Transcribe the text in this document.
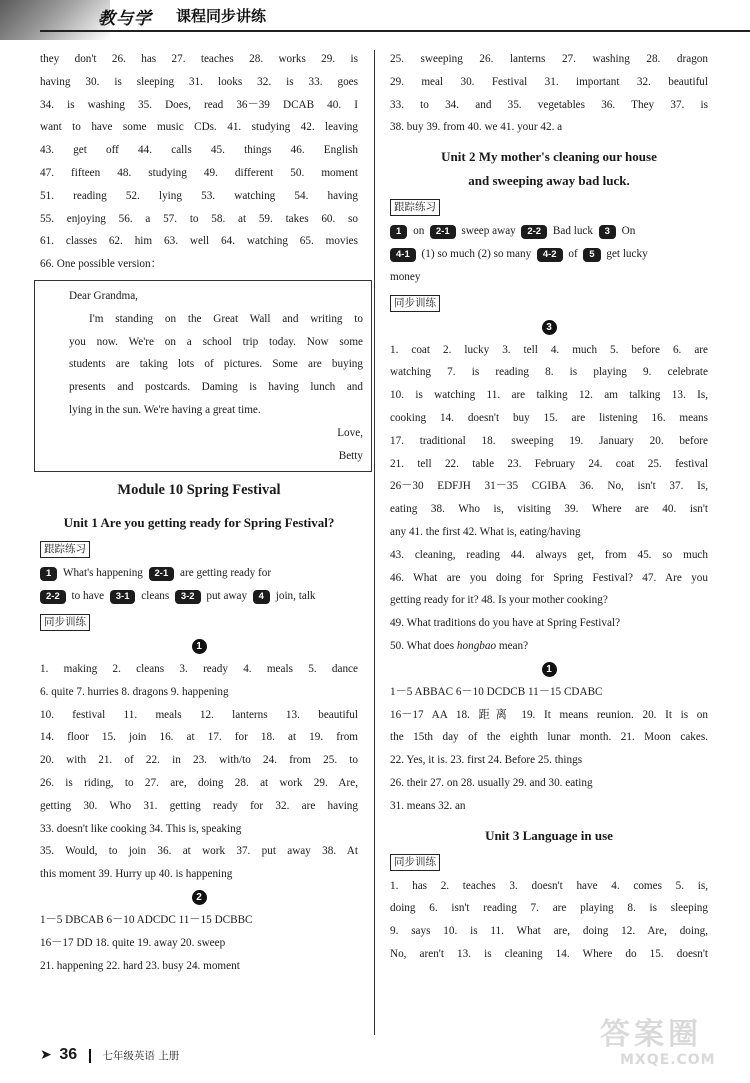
教与学 课程同步讲练
they don't 26. has 27. teaches 28. works 29. is
having 30. is sleeping 31. looks 32. is 33. goes
34. is washing 35. Does, read 36－39 DCAB 40. I
want to have some music CDs. 41. studying 42. leaving
43. get off 44. calls 45. things 46. English
47. fifteen 48. studying 49. different 50. moment
51. reading 52. lying 53. watching 54. having
55. enjoying 56. a 57. to 58. at 59. takes 60. so
61. classes 62. him 63. well 64. watching 65. movies
66. One possible version：
Dear Grandma,
I'm standing on the Great Wall and writing to
you now. We're on a school trip today. Now some
students are taking lots of pictures. Some are buying
presents and postcards. Daming is having lunch and
lying in the sun. We're having a great time.
Love,
Betty
Module 10 Spring Festival
Unit 1 Are you getting ready for Spring Festival?
跟踪练习
1 What's happening 2-1 are getting ready for
2-2 to have 3-1 cleans 3-2 put away 4 join, talk
同步训练
1
1. making 2. cleans 3. ready 4. meals 5. dance
6. quite 7. hurries 8. dragons 9. happening
10. festival 11. meals 12. lanterns 13. beautiful
14. floor 15. join 16. at 17. for 18. at 19. from
20. with 21. of 22. in 23. with/to 24. from 25. to
26. is riding, to 27. are, doing 28. at work 29. Are,
getting 30. Who 31. getting ready for 32. are having
33. doesn't like cooking 34. This is, speaking
35. Would, to join 36. at work 37. put away 38. At
this moment 39. Hurry up 40. is happening
2
1－5 DBCAB 6－10 ADCDC 11－15 DCBBC
16－17 DD 18. quite 19. away 20. sweep
21. happening 22. hard 23. busy 24. moment
25. sweeping 26. lanterns 27. washing 28. dragon
29. meal 30. Festival 31. important 32. beautiful
33. to 34. and 35. vegetables 36. They 37. is
38. buy 39. from 40. we 41. your 42. a
Unit 2 My mother's cleaning our house
and sweeping away bad luck.
跟踪练习
1 on 2-1 sweep away 2-2 Bad luck 3 On
4-1 (1) so much (2) so many 4-2 of 5 get lucky
money
同步训练
3
1. coat 2. lucky 3. tell 4. much 5. before 6. are
watching 7. is reading 8. is playing 9. celebrate
10. is watching 11. are talking 12. am talking 13. Is,
cooking 14. doesn't buy 15. are listening 16. means
17. traditional 18. sweeping 19. January 20. before
21. tell 22. table 23. February 24. coat 25. festival
26－30 EDFJH 31－35 CGIBA 36. No, isn't 37. Is,
eating 38. Who is, visiting 39. Where are 40. isn't
any 41. the first 42. What is, eating/having
43. cleaning, reading 44. always get, from 45. so much
46. What are you doing for Spring Festival? 47. Are you
getting ready for it? 48. Is your mother cooking?
49. What traditions do you have at Spring Festival?
50. What does hongbao mean?
1
1－5 ABBAC 6－10 DCDCB 11－15 CDABC
16－17 AA 18. 距离 19. It means reunion. 20. It is on
the 15th day of the eighth lunar month. 21. Moon cakes.
22. Yes, it is. 23. first 24. Before 25. things
26. their 27. on 28. usually 29. and 30. eating
31. means 32. an
Unit 3 Language in use
同步训练
1. has 2. teaches 3. doesn't have 4. comes 5. is,
doing 6. isn't reading 7. are playing 8. is sleeping
9. says 10. is 11. What are, doing 12. Are, doing,
No, aren't 13. is cleaning 14. Where do 15. doesn't
➤ 36 七年级英语 上册
答案圈
MXQE.COM
